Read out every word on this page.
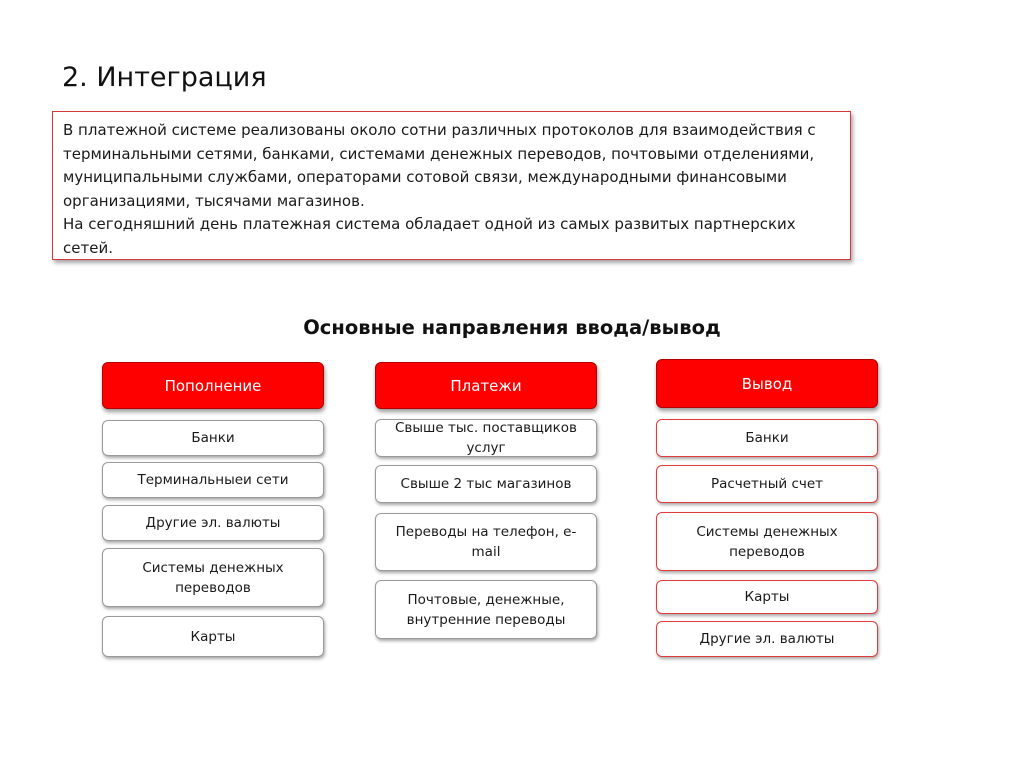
2. Интеграция

В платежной системе реализованы около сотни различных протоколов для взаимодействия с терминальными сетями, банками, системами денежных переводов, почтовыми отделениями, муниципальными службами, операторами сотовой связи, международными финансовыми организациями, тысячами магазинов.

На сегодняшний день платежная система обладает одной из самых развитых партнерских сетей.

Основные направления ввода/вывод
Пополнение
Банки
Терминальныеи сети
Другие эл. валюты
Системы денежных переводов
Карты
Платежи
Свыше тыс. поставщиков услуг
Свыше 2 тыс магазинов
Переводы на телефон, e-mail
Почтовые, денежные, внутренние переводы
Вывод
Банки
Расчетный счет
Системы денежных переводов
Карты
Другие эл. валюты
